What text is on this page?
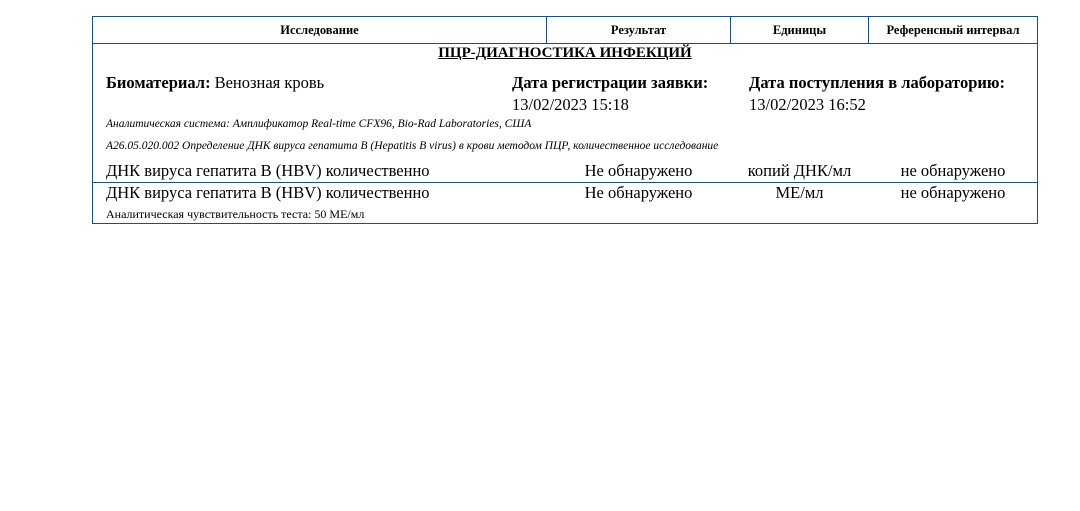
Исследование	Результат	Единицы	Референсный интервал
ПЦР-ДИАГНОСТИКА ИНФЕКЦИЙ
Биоматериал: Венозная кровь	Дата регистрации заявки:
13/02/2023 15:18
Дата поступления в лабораторию:
13/02/2023 16:52
Аналитическая система: Амплификатор Real-time CFX96, Bio-Rad Laboratories, США
A26.05.020.002 Определение ДНК вируса гепатита В (Hepatitis B virus) в крови методом ПЦР, количественное исследование
ДНК вируса гепатита В (HBV) количественно	Не обнаружено	копий ДНК/мл	не обнаружено
ДНК вируса гепатита В (HBV) количественно	Не обнаружено	МЕ/мл	не обнаружено
Аналитическая чувствительность теста: 50 МЕ/мл
